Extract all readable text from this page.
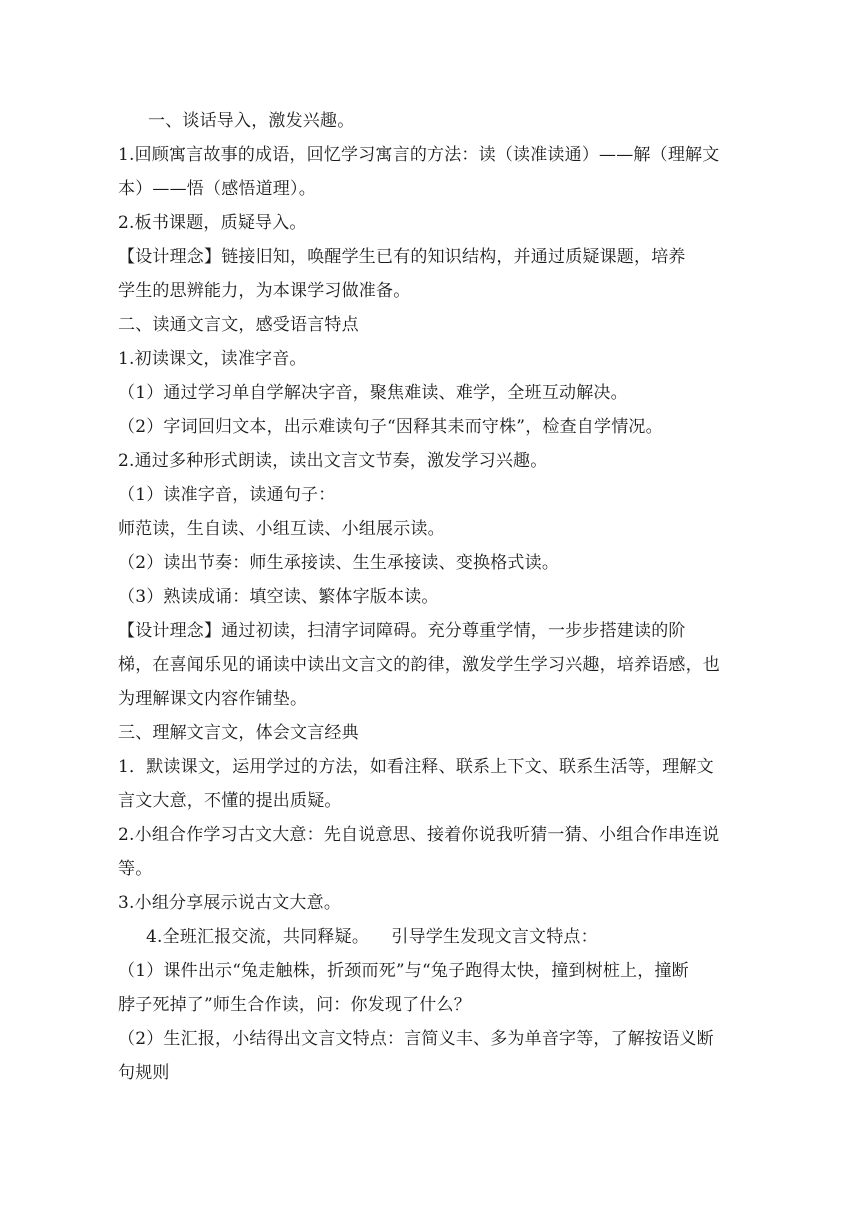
一、谈话导入，激发兴趣。
1.回顾寓言故事的成语，回忆学习寓言的方法：读（读准读通）——解（理解文
本）——悟（感悟道理）。
2.板书课题，质疑导入。
【设计理念】链接旧知，唤醒学生已有的知识结构，并通过质疑课题，培养
学生的思辨能力，为本课学习做准备。
二、读通文言文，感受语言特点
1.初读课文，读准字音。
（1）通过学习单自学解决字音，聚焦难读、难学，全班互动解决。
（2）字词回归文本，出示难读句子“因释其耒而守株”，检查自学情况。
2.通过多种形式朗读，读出文言文节奏，激发学习兴趣。
（1）读准字音，读通句子：
师范读，生自读、小组互读、小组展示读。
（2）读出节奏：师生承接读、生生承接读、变换格式读。
（3）熟读成诵：填空读、繁体字版本读。
【设计理念】通过初读，扫清字词障碍。充分尊重学情，一步步搭建读的阶
梯，在喜闻乐见的诵读中读出文言文的韵律，激发学生学习兴趣，培养语感，也
为理解课文内容作铺垫。
三、理解文言文，体会文言经典
1．默读课文，运用学过的方法，如看注释、联系上下文、联系生活等，理解文
言文大意，不懂的提出质疑。
2.小组合作学习古文大意：先自说意思、接着你说我听猜一猜、小组合作串连说
等。
3.小组分享展示说古文大意。
4.全班汇报交流，共同释疑。    引导学生发现文言文特点：
（1）课件出示“兔走触株，折颈而死”与“兔子跑得太快，撞到树桩上，撞断
脖子死掉了”师生合作读，问：你发现了什么？
（2）生汇报，小结得出文言文特点：言简义丰、多为单音字等，了解按语义断
句规则
